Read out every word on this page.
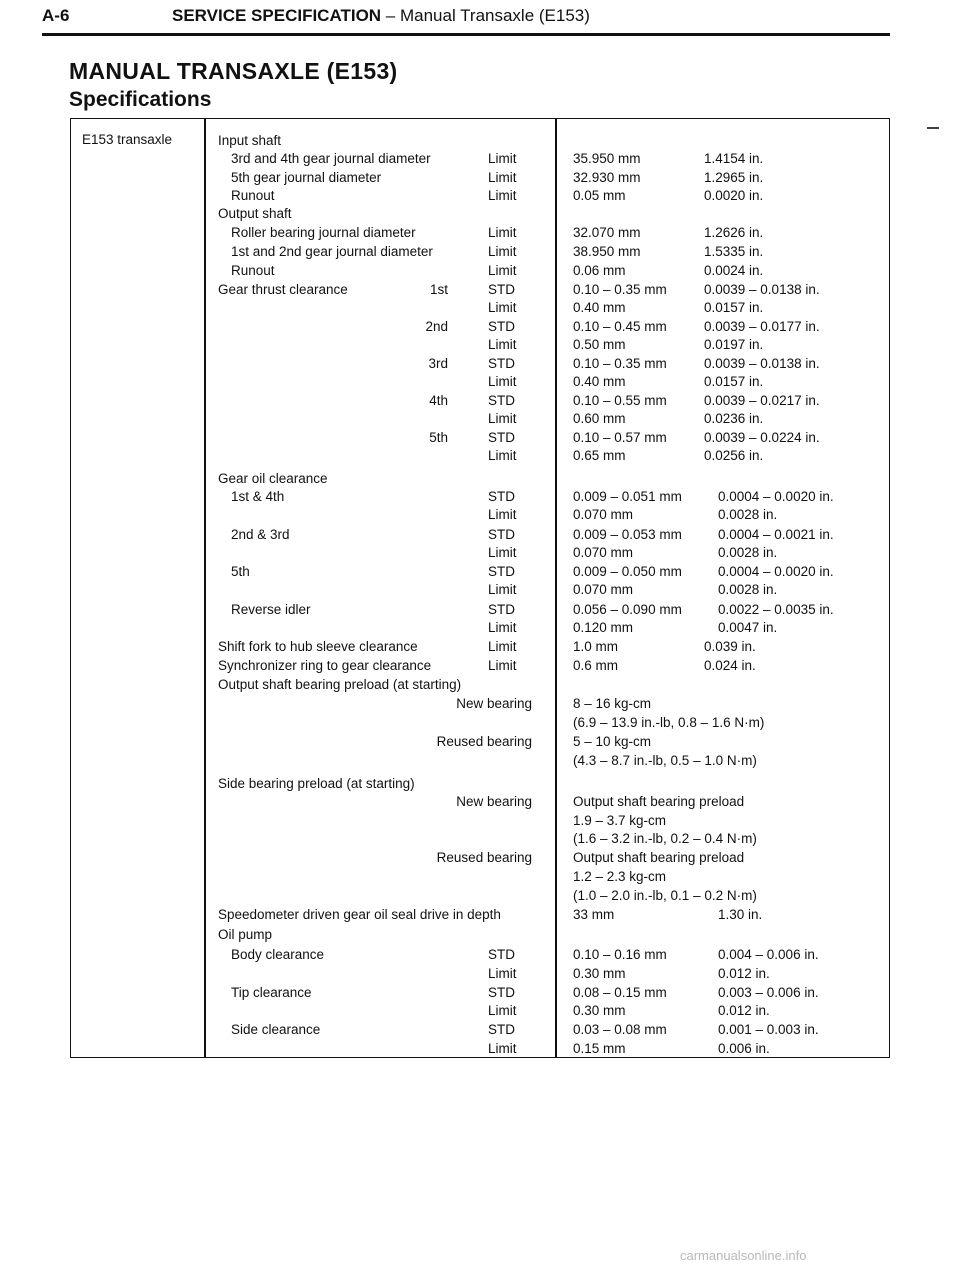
A-6	SERVICE SPECIFICATION – Manual Transaxle (E153)
MANUAL TRANSAXLE (E153)
Specifications
E153 transaxle	Input shaft
3rd and 4th gear journal diameter	Limit	35.950 mm	1.4154 in.
5th gear journal diameter	Limit	32.930 mm	1.2965 in.
Runout	Limit	0.05 mm	0.0020 in.
Output shaft
Roller bearing journal diameter	Limit	32.070 mm	1.2626 in.
1st and 2nd gear journal diameter	Limit	38.950 mm	1.5335 in.
Runout	Limit	0.06 mm	0.0024 in.
Gear thrust clearance	1st	STD	0.10 – 0.35 mm	0.0039 – 0.0138 in.
Limit	0.40 mm	0.0157 in.
2nd	STD	0.10 – 0.45 mm	0.0039 – 0.0177 in.
Limit	0.50 mm	0.0197 in.
3rd	STD	0.10 – 0.35 mm	0.0039 – 0.0138 in.
Limit	0.40 mm	0.0157 in.
4th	STD	0.10 – 0.55 mm	0.0039 – 0.0217 in.
Limit	0.60 mm	0.0236 in.
5th	STD	0.10 – 0.57 mm	0.0039 – 0.0224 in.
Limit	0.65 mm	0.0256 in.
Gear oil clearance
1st & 4th	STD	0.009 – 0.051 mm	0.0004 – 0.0020 in.
Limit	0.070 mm	0.0028 in.
2nd & 3rd	STD	0.009 – 0.053 mm	0.0004 – 0.0021 in.
Limit	0.070 mm	0.0028 in.
5th	STD	0.009 – 0.050 mm	0.0004 – 0.0020 in.
Limit	0.070 mm	0.0028 in.
Reverse idler	STD	0.056 – 0.090 mm	0.0022 – 0.0035 in.
Limit	0.120 mm	0.0047 in.
Shift fork to hub sleeve clearance	Limit	1.0 mm	0.039 in.
Synchronizer ring to gear clearance	Limit	0.6 mm	0.024 in.
Output shaft bearing preload (at starting)
New bearing	8 – 16 kg-cm
(6.9 – 13.9 in.-lb, 0.8 – 1.6 N·m)
Reused bearing	5 – 10 kg-cm
(4.3 – 8.7 in.-lb, 0.5 – 1.0 N·m)
Side bearing preload (at starting)
New bearing	Output shaft bearing preload
1.9 – 3.7 kg-cm
(1.6 – 3.2 in.-lb, 0.2 – 0.4 N·m)
Reused bearing	Output shaft bearing preload
1.2 – 2.3 kg-cm
(1.0 – 2.0 in.-lb, 0.1 – 0.2 N·m)
Speedometer driven gear oil seal drive in depth	33 mm	1.30 in.
Oil pump
Body clearance	STD	0.10 – 0.16 mm	0.004 – 0.006 in.
Limit	0.30 mm	0.012 in.
Tip clearance	STD	0.08 – 0.15 mm	0.003 – 0.006 in.
Limit	0.30 mm	0.012 in.
Side clearance	STD	0.03 – 0.08 mm	0.001 – 0.003 in.
Limit	0.15 mm	0.006 in.
carmanualsonline.info
